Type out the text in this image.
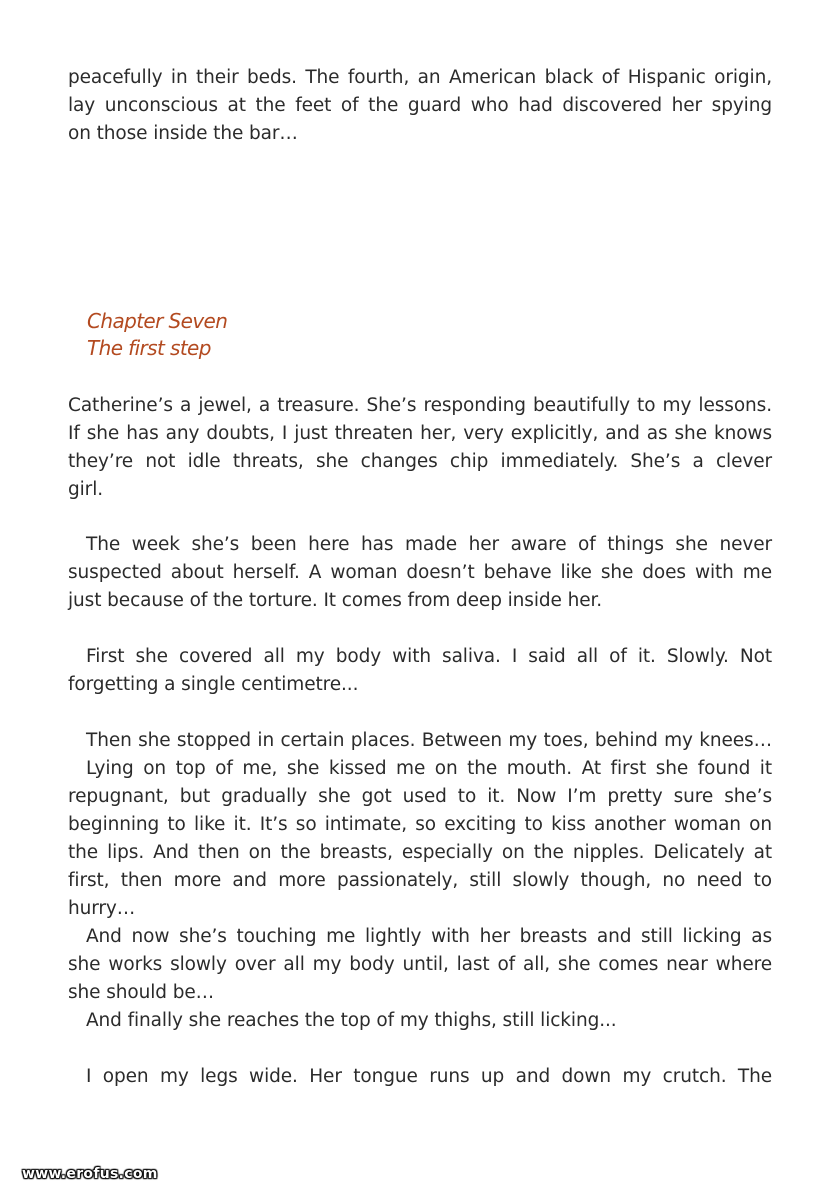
peacefully in their beds. The fourth, an American black of Hispanic origin,
lay unconscious at the feet of the guard who had discovered her spying
on those inside the bar…
Chapter Seven
The first step
Catherine’s a jewel, a treasure. She’s responding beautifully to my lessons.
If she has any doubts, I just threaten her, very explicitly, and as she knows
they’re not idle threats, she changes chip immediately. She’s a clever
girl.
The week she’s been here has made her aware of things she never
suspected about herself. A woman doesn’t behave like she does with me
just because of the torture. It comes from deep inside her.
First she covered all my body with saliva. I said all of it. Slowly. Not
forgetting a single centimetre...
Then she stopped in certain places. Between my toes, behind my knees…
Lying on top of me, she kissed me on the mouth. At first she found it
repugnant, but gradually she got used to it. Now I’m pretty sure she’s
beginning to like it. It’s so intimate, so exciting to kiss another woman on
the lips. And then on the breasts, especially on the nipples. Delicately at
first, then more and more passionately, still slowly though, no need to
hurry…
And now she’s touching me lightly with her breasts and still licking as
she works slowly over all my body until, last of all, she comes near where
she should be…
And finally she reaches the top of my thighs, still licking...
I open my legs wide. Her tongue runs up and down my crutch. The
www.erofus.com
